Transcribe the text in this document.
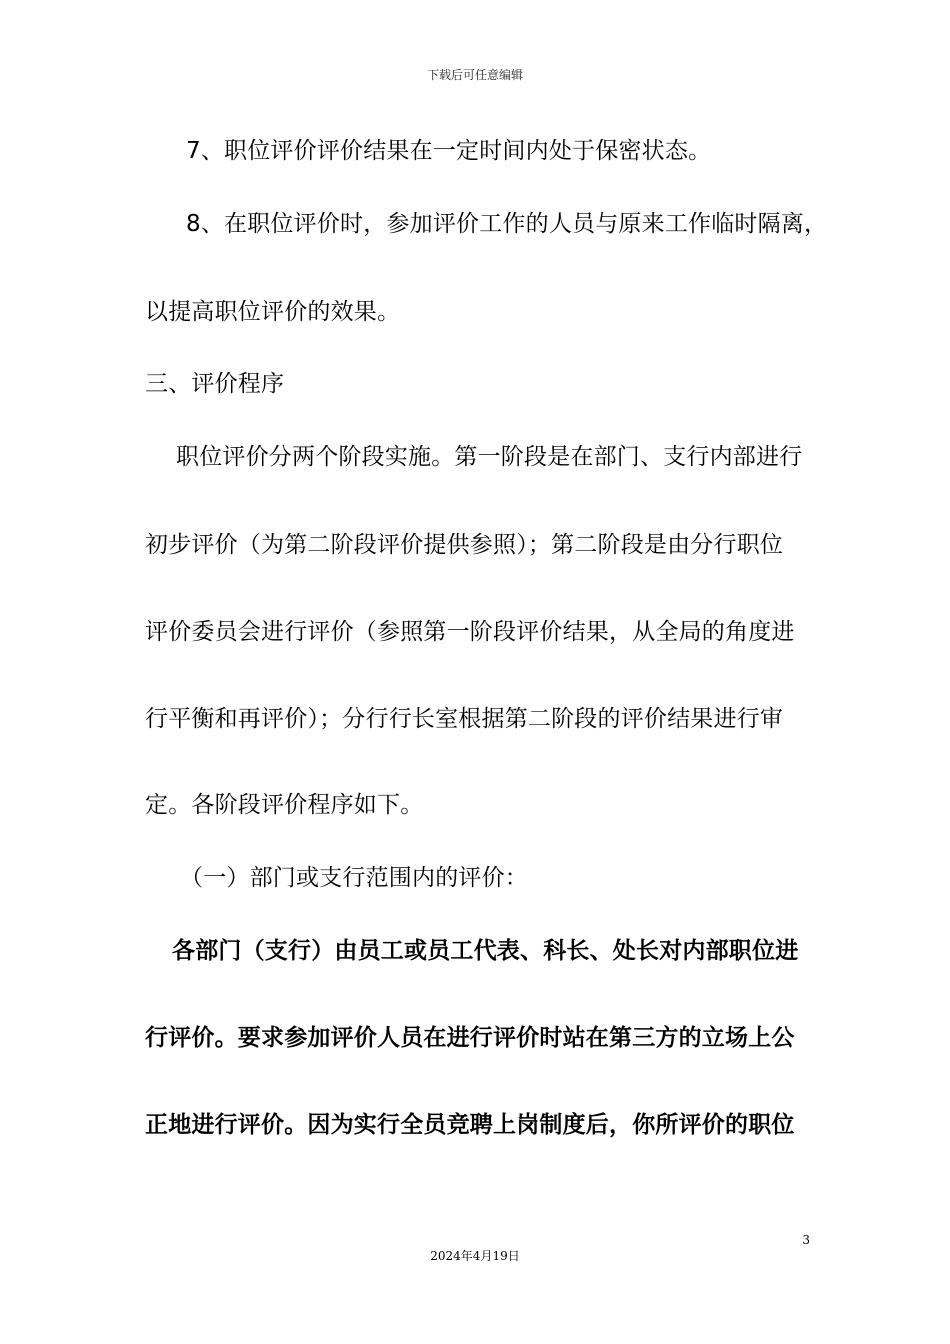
下载后可任意编辑
7、职位评价评价结果在一定时间内处于保密状态。
8、在职位评价时，参加评价工作的人员与原来工作临时隔离，
以提高职位评价的效果。
三、评价程序
职位评价分两个阶段实施。第一阶段是在部门、支行内部进行
初步评价（为第二阶段评价提供参照）；第二阶段是由分行职位
评价委员会进行评价（参照第一阶段评价结果，从全局的角度进
行平衡和再评价）；分行行长室根据第二阶段的评价结果进行审
定。各阶段评价程序如下。
（一）部门或支行范围内的评价：
各部门（支行）由员工或员工代表、科长、处长对内部职位进
行评价。要求参加评价人员在进行评价时站在第三方的立场上公
正地进行评价。因为实行全员竞聘上岗制度后，你所评价的职位
3
2024年4月19日
